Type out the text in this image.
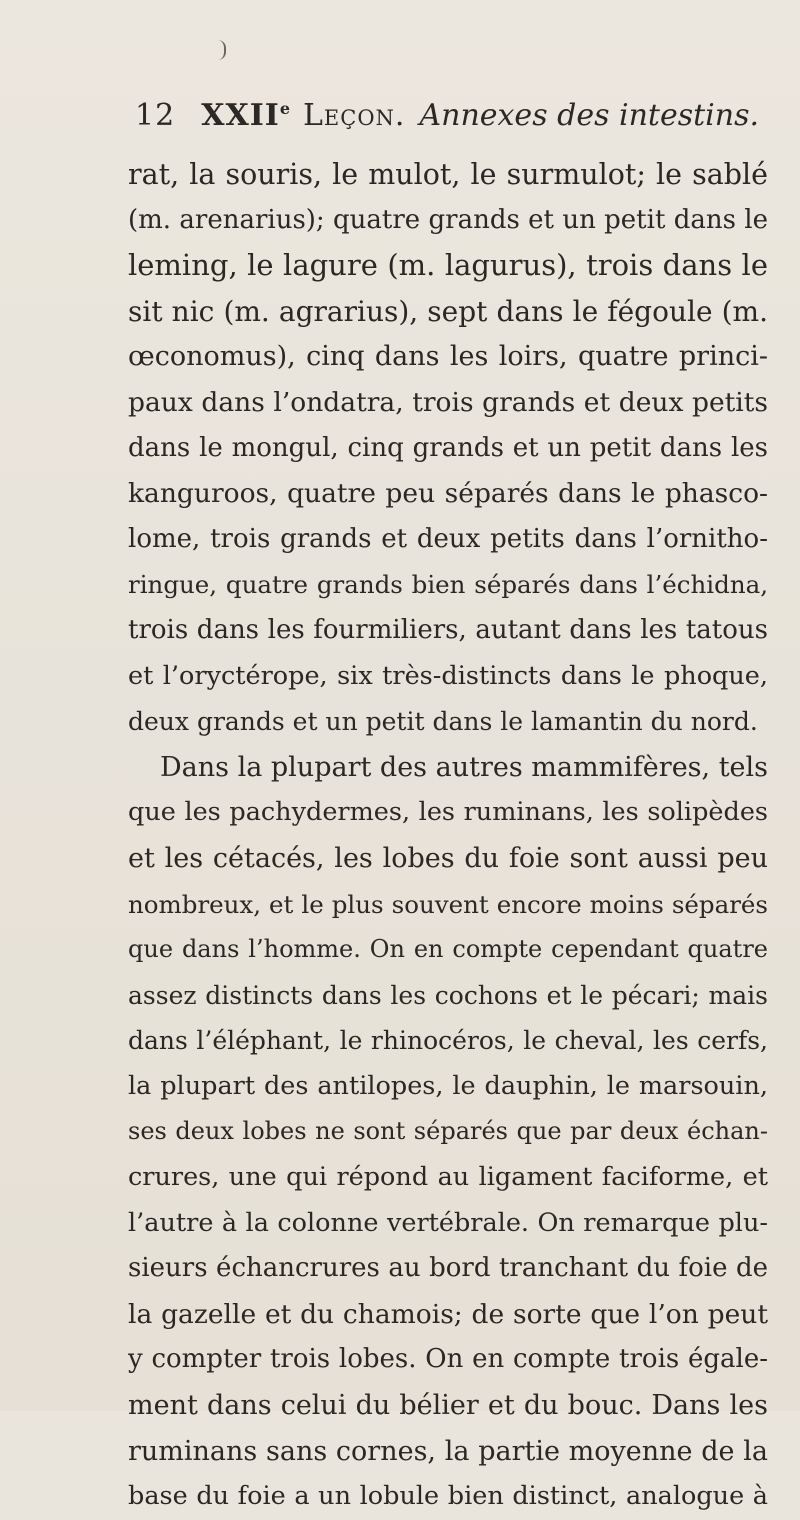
12 XXIIe Leçon. Annexes des intestins.
rat, la souris, le mulot, le surmulot; le sablé
(m. arenarius); quatre grands et un petit dans le
leming, le lagure (m. lagurus), trois dans le
sit nic (m. agrarius), sept dans le fégoule (m.
œconomus), cinq dans les loirs, quatre princi-
paux dans l’ondatra, trois grands et deux petits
dans le mongul, cinq grands et un petit dans les
kanguroos, quatre peu séparés dans le phasco-
lome, trois grands et deux petits dans l’ornitho-
ringue, quatre grands bien séparés dans l’échidna,
trois dans les fourmiliers, autant dans les tatous
et l’oryctérope, six très-distincts dans le phoque,
deux grands et un petit dans le lamantin du nord.
Dans la plupart des autres mammifères, tels
que les pachydermes, les ruminans, les solipèdes
et les cétacés, les lobes du foie sont aussi peu
nombreux, et le plus souvent encore moins séparés
que dans l’homme. On en compte cependant quatre
assez distincts dans les cochons et le pécari; mais
dans l’éléphant, le rhinocéros, le cheval, les cerfs,
la plupart des antilopes, le dauphin, le marsouin,
ses deux lobes ne sont séparés que par deux échan-
crures, une qui répond au ligament faciforme, et
l’autre à la colonne vertébrale. On remarque plu-
sieurs échancrures au bord tranchant du foie de
la gazelle et du chamois; de sorte que l’on peut
y compter trois lobes. On en compte trois égale-
ment dans celui du bélier et du bouc. Dans les
ruminans sans cornes, la partie moyenne de la
base du foie a un lobule bien distinct, analogue à
